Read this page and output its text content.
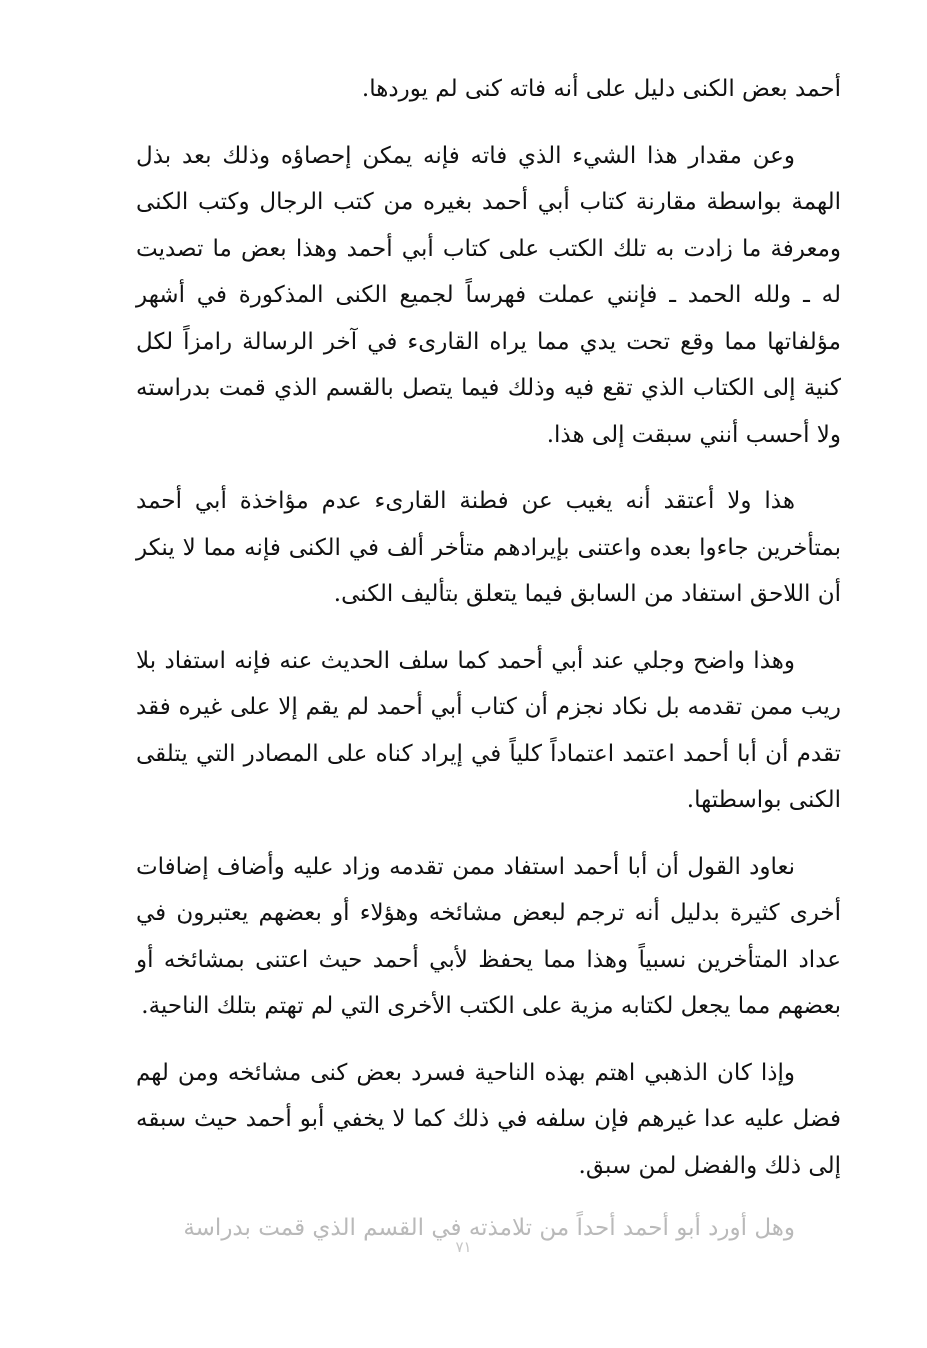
أحمد بعض الكنى دليل على أنه فاته كنى لم يوردها.

وعن مقدار هذا الشيء الذي فاته فإنه يمكن إحصاؤه وذلك بعد بذل الهمة بواسطة مقارنة كتاب أبي أحمد بغيره من كتب الرجال وكتب الكنى ومعرفة ما زادت به تلك الكتب على كتاب أبي أحمد وهذا بعض ما تصديت له ـ ولله الحمد ـ فإنني عملت فهرساً لجميع الكنى المذكورة في أشهر مؤلفاتها مما وقع تحت يدي مما يراه القارىء في آخر الرسالة رامزاً لكل كنية إلى الكتاب الذي تقع فيه وذلك فيما يتصل بالقسم الذي قمت بدراسته ولا أحسب أنني سبقت إلى هذا.

هذا ولا أعتقد أنه يغيب عن فطنة القارىء عدم مؤاخذة أبي أحمد بمتأخرين جاءوا بعده واعتنى بإيرادهم متأخر ألف في الكنى فإنه مما لا ينكر أن اللاحق استفاد من السابق فيما يتعلق بتأليف الكنى.

وهذا واضح وجلي عند أبي أحمد كما سلف الحديث عنه فإنه استفاد بلا ريب ممن تقدمه بل نكاد نجزم أن كتاب أبي أحمد لم يقم إلا على غيره فقد تقدم أن أبا أحمد اعتمد اعتماداً كلياً في إيراد كناه على المصادر التي يتلقى الكنى بواسطتها.

نعاود القول أن أبا أحمد استفاد ممن تقدمه وزاد عليه وأضاف إضافات أخرى كثيرة بدليل أنه ترجم لبعض مشائخه وهؤلاء أو بعضهم يعتبرون في عداد المتأخرين نسبياً وهذا مما يحفظ لأبي أحمد حيث اعتنى بمشائخه أو بعضهم مما يجعل لكتابه مزية على الكتب الأخرى التي لم تهتم بتلك الناحية.

وإذا كان الذهبي اهتم بهذه الناحية فسرد بعض كنى مشائخه ومن لهم فضل عليه عدا غيرهم فإن سلفه في ذلك كما لا يخفي أبو أحمد حيث سبقه إلى ذلك والفضل لمن سبق.

وهل أورد أبو أحمد أحداً من تلامذته في القسم الذي قمت بدراسة

٧١
